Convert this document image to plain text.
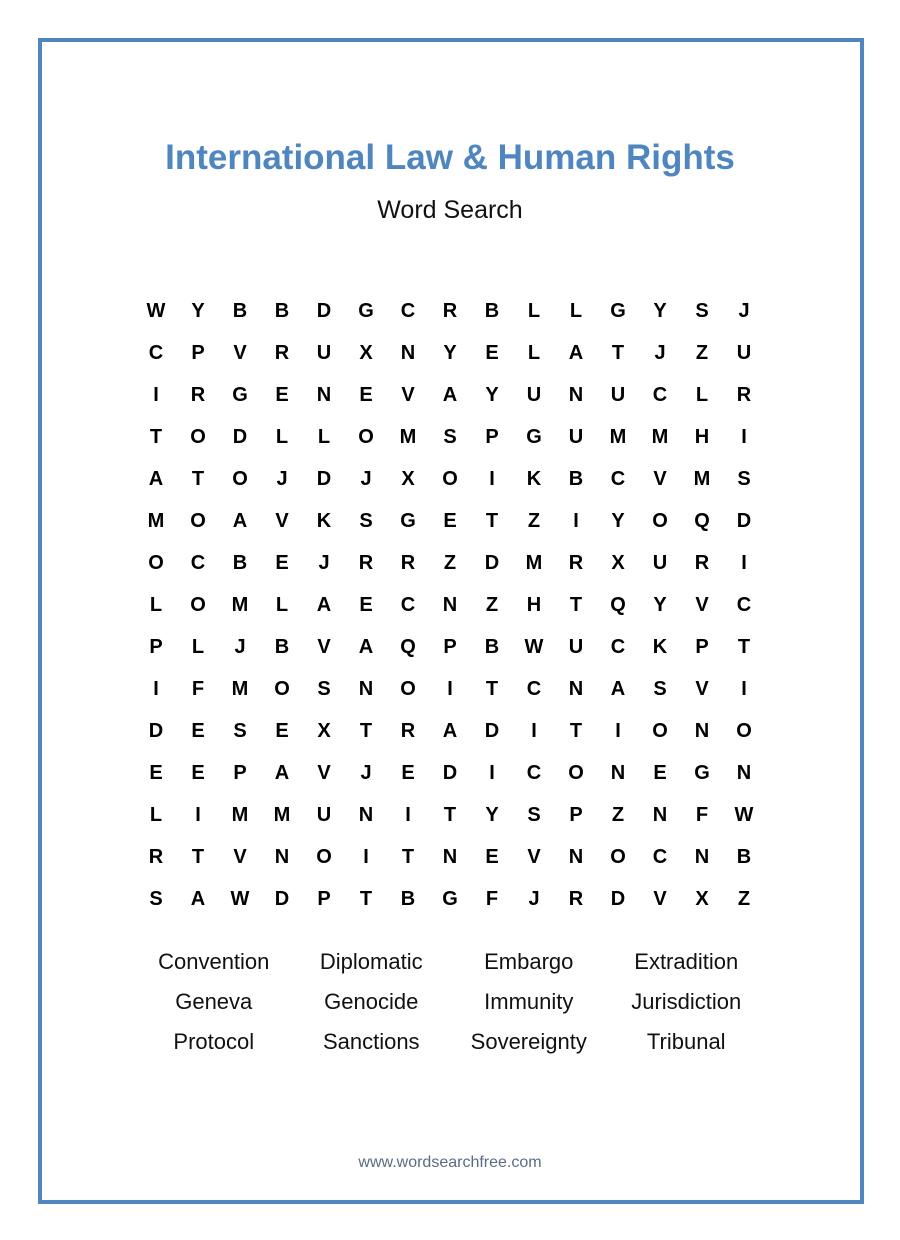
International Law & Human Rights
Word Search
W	Y	B	B	D	G	C	R	B	L	L	G	Y	S	J
C	P	V	R	U	X	N	Y	E	L	A	T	J	Z	U
I	R	G	E	N	E	V	A	Y	U	N	U	C	L	R
T	O	D	L	L	O	M	S	P	G	U	M	M	H	I
A	T	O	J	D	J	X	O	I	K	B	C	V	M	S
M	O	A	V	K	S	G	E	T	Z	I	Y	O	Q	D
O	C	B	E	J	R	R	Z	D	M	R	X	U	R	I
L	O	M	L	A	E	C	N	Z	H	T	Q	Y	V	C
P	L	J	B	V	A	Q	P	B	W	U	C	K	P	T
I	F	M	O	S	N	O	I	T	C	N	A	S	V	I
D	E	S	E	X	T	R	A	D	I	T	I	O	N	O
E	E	P	A	V	J	E	D	I	C	O	N	E	G	N
L	I	M	M	U	N	I	T	Y	S	P	Z	N	F	W
R	T	V	N	O	I	T	N	E	V	N	O	C	N	B
S	A	W	D	P	T	B	G	F	J	R	D	V	X	Z
Convention	Diplomatic	Embargo	Extradition
Geneva	Genocide	Immunity	Jurisdiction
Protocol	Sanctions	Sovereignty	Tribunal
www.wordsearchfree.com
